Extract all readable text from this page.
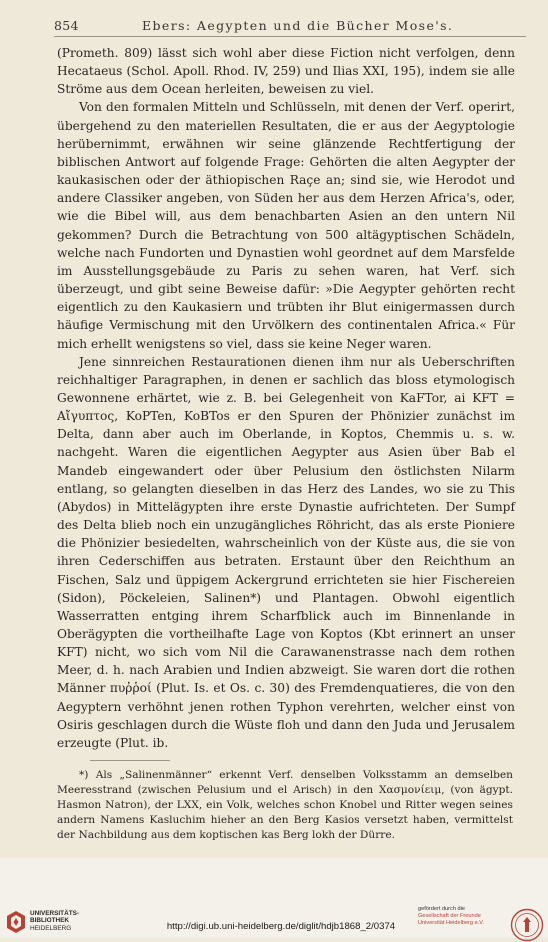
854	Ebers: Aegypten und die Bücher Mose's.

(Prometh. 809) lässt sich wohl aber diese Fiction nicht verfolgen, denn Hecataeus (Schol. Apoll. Rhod. IV, 259) und Ilias XXI, 195), indem sie alle Ströme aus dem Ocean herleiten, beweisen zu viel.

Von den formalen Mitteln und Schlüsseln, mit denen der Verf. operirt, übergehend zu den materiellen Resultaten, die er aus der Aegyptologie herübernimmt, erwähnen wir seine glänzende Rechtfertigung der biblischen Antwort auf folgende Frage: Gehörten die alten Aegypter der kaukasischen oder der äthiopischen Raçe an; sind sie, wie Herodot und andere Classiker angeben, von Süden her aus dem Herzen Africa's, oder, wie die Bibel will, aus dem benachbarten Asien an den untern Nil gekommen? Durch die Betrachtung von 500 altägyptischen Schädeln, welche nach Fundorten und Dynastien wohl geordnet auf dem Marsfelde im Ausstellungsgebäude zu Paris zu sehen waren, hat Verf. sich überzeugt, und gibt seine Beweise dafür: »Die Aegypter gehörten recht eigentlich zu den Kaukasiern und trübten ihr Blut einigermassen durch häufige Vermischung mit den Urvölkern des continentalen Africa.« Für mich erhellt wenigstens so viel, dass sie keine Neger waren.

Jene sinnreichen Restaurationen dienen ihm nur als Ueberschriften reichhaltiger Paragraphen, in denen er sachlich das bloss etymologisch Gewonnene erhärtet, wie z. B. bei Gelegenheit von KaFTor, ai KFT = Αἴγυπτος, KoPTen, KoBTos er den Spuren der Phönizier zunächst im Delta, dann aber auch im Oberlande, in Koptos, Chemmis u. s. w. nachgeht. Waren die eigentlichen Aegypter aus Asien über Bab el Mandeb eingewandert oder über Pelusium den östlichsten Nilarm entlang, so gelangten dieselben in das Herz des Landes, wo sie zu This (Abydos) in Mittelägypten ihre erste Dynastie aufrichteten. Der Sumpf des Delta blieb noch ein unzugängliches Röhricht, das als erste Pioniere die Phönizier besiedelten, wahrscheinlich von der Küste aus, die sie von ihren Cederschiffen aus betraten. Erstaunt über den Reichthum an Fischen, Salz und üppigem Ackergrund errichteten sie hier Fischereien (Sidon), Pöckeleien, Salinen*) und Plantagen. Obwohl eigentlich Wasserratten entging ihrem Scharfblick auch im Binnenlande in Oberägypten die vortheilhafte Lage von Koptos (Kbt erinnert an unser KFT) nicht, wo sich vom Nil die Carawanenstrasse nach dem rothen Meer, d. h. nach Arabien und Indien abzweigt. Sie waren dort die rothen Männer πυῤῥοί (Plut. Is. et Os. c. 30) des Fremdenquatieres, die von den Aegyptern verhöhnt jenen rothen Typhon verehrten, welcher einst von Osiris geschlagen durch die Wüste floh und dann den Juda und Jerusalem erzeugte (Plut. ib.

*) Als „Salinenmänner“ erkennt Verf. denselben Volksstamm an demselben Meeresstrand (zwischen Pelusium und el Arisch) in den Χασμονίειμ, (von ägypt. Hasmon Natron), der LXX, ein Volk, welches schon Knobel und Ritter wegen seines andern Namens Kasluchim hieher an den Berg Kasios versetzt haben, vermittelst der Nachbildung aus dem koptischen kas Berg lokh der Dürre.

UNIVERSITÄTS-
BIBLIOTHEK
HEIDELBERG	http://digi.ub.uni-heidelberg.de/diglit/hdjb1868_2/0374
gefördert durch die
Gesellschaft der Freunde
Universität Heidelberg e.V.
